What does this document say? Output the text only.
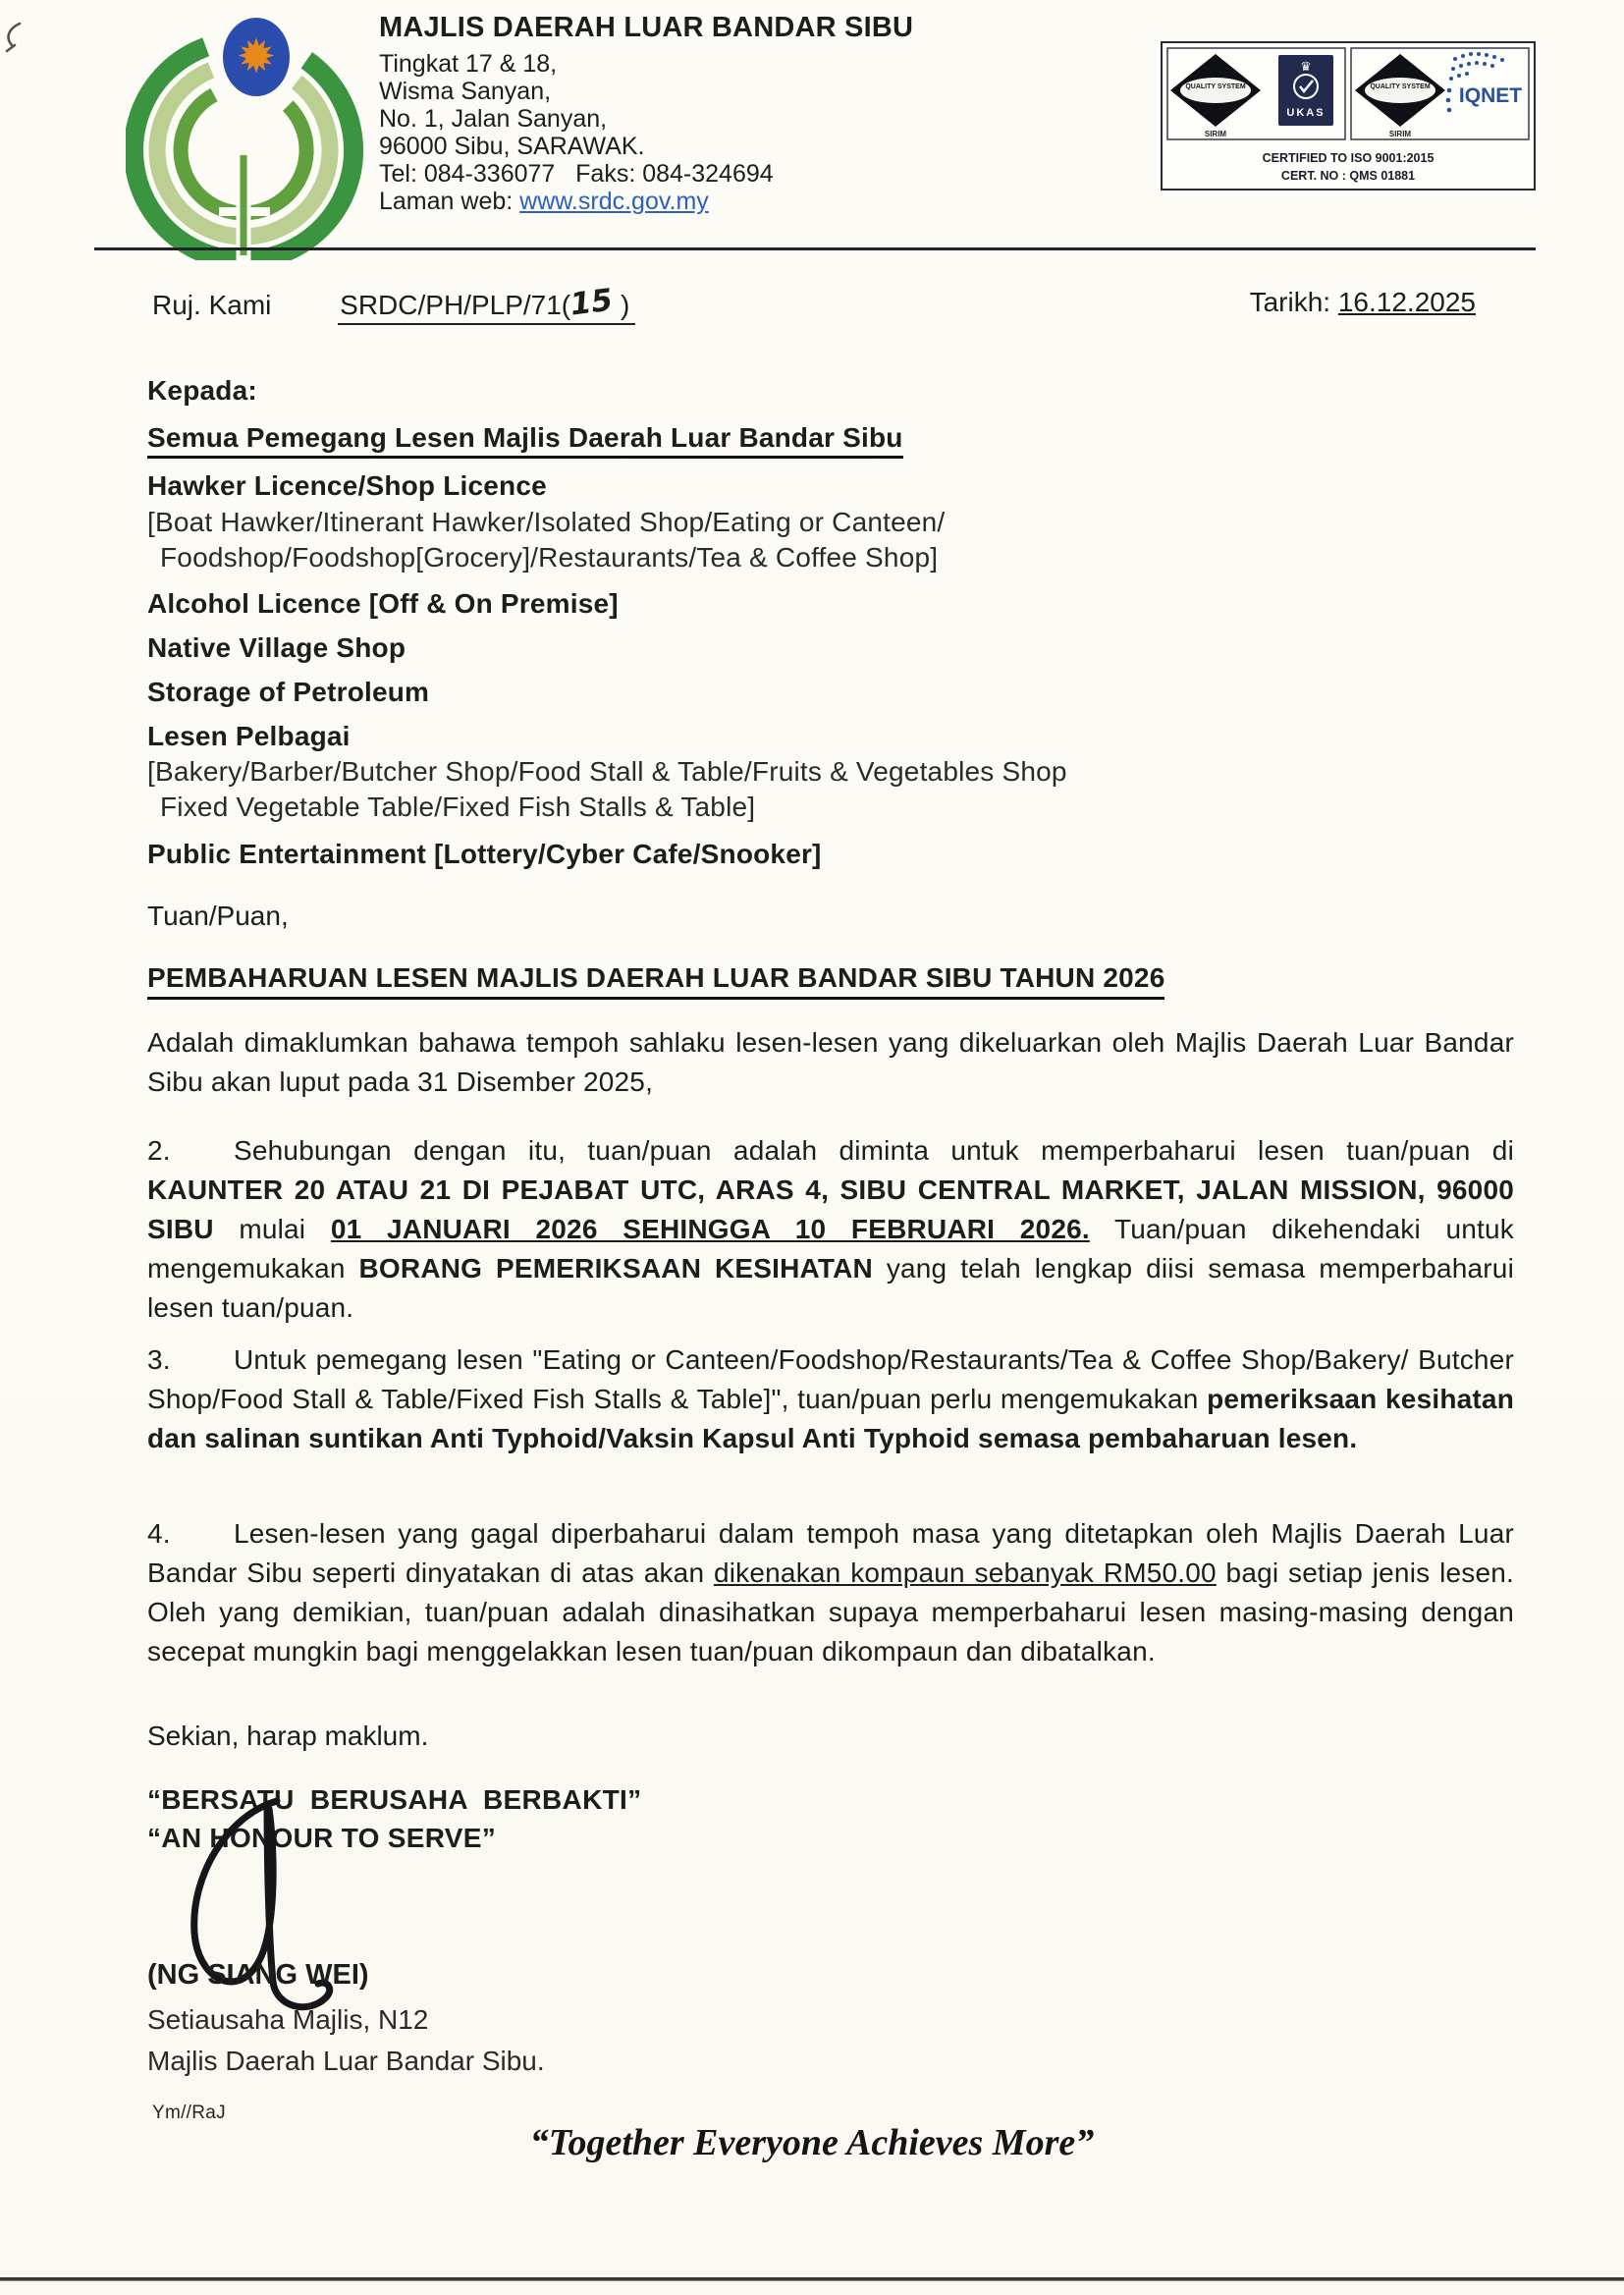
✹
MAJLIS DAERAH LUAR BANDAR SIBU
Tingkat 17 & 18,
Wisma Sanyan,
No. 1, Jalan Sanyan,
96000 Sibu, SARAWAK.
Tel: 084-336077   Faks: 084-324694
Laman web: www.srdc.gov.my
QUALITY SYSTEM
SIRIM
♛
UKAS
QUALITY SYSTEM
SIRIM
IQNET
CERTIFIED TO ISO 9001:2015
CERT. NO : QMS 01881
Ruj. Kami SRDC/PH/PLP/71(15 )	Tarikh: 16.12.2025
Kepada:
Semua Pemegang Lesen Majlis Daerah Luar Bandar Sibu
Hawker Licence/Shop Licence
[Boat Hawker/Itinerant Hawker/Isolated Shop/Eating or Canteen/
Foodshop/Foodshop[Grocery]/Restaurants/Tea & Coffee Shop]
Alcohol Licence [Off & On Premise]
Native Village Shop
Storage of Petroleum
Lesen Pelbagai
[Bakery/Barber/Butcher Shop/Food Stall & Table/Fruits & Vegetables Shop
Fixed Vegetable Table/Fixed Fish Stalls & Table]
Public Entertainment [Lottery/Cyber Cafe/Snooker]
Tuan/Puan,
PEMBAHARUAN LESEN MAJLIS DAERAH LUAR BANDAR SIBU TAHUN 2026
Adalah dimaklumkan bahawa tempoh sahlaku lesen-lesen yang dikeluarkan oleh Majlis Daerah Luar Bandar Sibu akan luput pada 31 Disember 2025,
2. Sehubungan dengan itu, tuan/puan adalah diminta untuk memperbaharui lesen tuan/puan di KAUNTER 20 ATAU 21 DI PEJABAT UTC, ARAS 4, SIBU CENTRAL MARKET, JALAN MISSION, 96000 SIBU mulai 01 JANUARI 2026 SEHINGGA 10 FEBRUARI 2026. Tuan/puan dikehendaki untuk mengemukakan BORANG PEMERIKSAAN KESIHATAN yang telah lengkap diisi semasa memperbaharui lesen tuan/puan.
3. Untuk pemegang lesen "Eating or Canteen/Foodshop/Restaurants/Tea & Coffee Shop/Bakery/ Butcher Shop/Food Stall & Table/Fixed Fish Stalls & Table]", tuan/puan perlu mengemukakan pemeriksaan kesihatan dan salinan suntikan Anti Typhoid/Vaksin Kapsul Anti Typhoid semasa pembaharuan lesen.
4. Lesen-lesen yang gagal diperbaharui dalam tempoh masa yang ditetapkan oleh Majlis Daerah Luar Bandar Sibu seperti dinyatakan di atas akan dikenakan kompaun sebanyak RM50.00 bagi setiap jenis lesen. Oleh yang demikian, tuan/puan adalah dinasihatkan supaya memperbaharui lesen masing-masing dengan secepat mungkin bagi menggelakkan lesen tuan/puan dikompaun dan dibatalkan.
Sekian, harap maklum.
“BERSATU  BERUSAHA  BERBAKTI”
“AN HONOUR TO SERVE”
(NG SIANG WEI)
Setiausaha Majlis, N12
Majlis Daerah Luar Bandar Sibu.
Ym//RaJ
“Together Everyone Achieves More”
